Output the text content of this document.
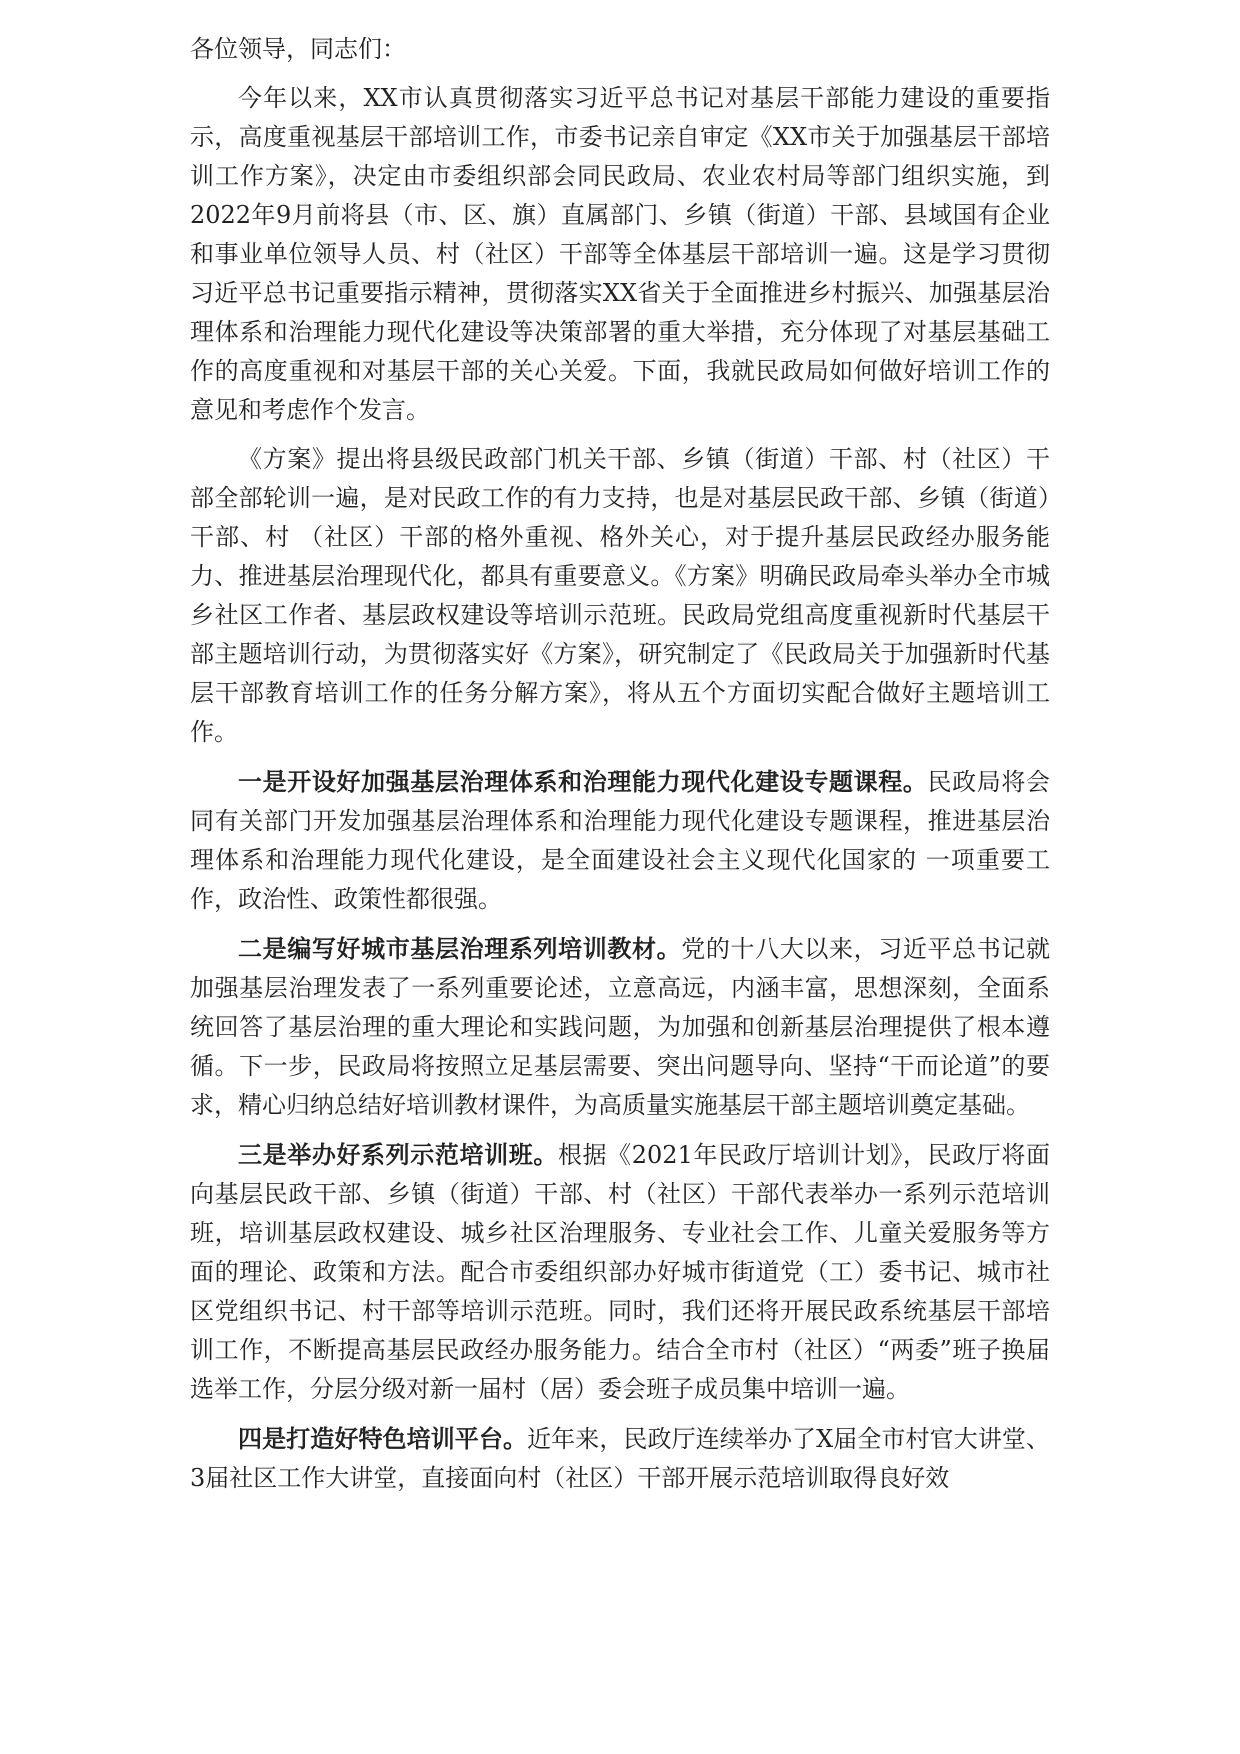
各位领导，同志们：

今年以来，XX市认真贯彻落实习近平总书记对基层干部能力建设的重要指示，高度重视基层干部培训工作，市委书记亲自审定《XX市关于加强基层干部培训工作方案》，决定由市委组织部会同民政局、农业农村局等部门组织实施，到2022年9月前将县（市、区、旗）直属部门、乡镇（街道）干部、县域国有企业和事业单位领导人员、村（社区）干部等全体基层干部培训一遍。这是学习贯彻习近平总书记重要指示精神，贯彻落实XX省关于全面推进乡村振兴、加强基层治理体系和治理能力现代化建设等决策部署的重大举措，充分体现了对基层基础工作的高度重视和对基层干部的关心关爱。下面，我就民政局如何做好培训工作的意见和考虑作个发言。

《方案》提出将县级民政部门机关干部、乡镇（街道）干部、村（社区）干部全部轮训一遍，是对民政工作的有力支持，也是对基层民政干部、乡镇（街道）干部、村 （社区）干部的格外重视、格外关心，对于提升基层民政经办服务能力、推进基层治理现代化，都具有重要意义。《方案》明确民政局牵头举办全市城乡社区工作者、基层政权建设等培训示范班。民政局党组高度重视新时代基层干部主题培训行动，为贯彻落实好《方案》，研究制定了《民政局关于加强新时代基层干部教育培训工作的任务分解方案》，将从五个方面切实配合做好主题培训工作。

一是开设好加强基层治理体系和治理能力现代化建设专题课程。民政局将会同有关部门开发加强基层治理体系和治理能力现代化建设专题课程，推进基层治理体系和治理能力现代化建设，是全面建设社会主义现代化国家的 一项重要工作，政治性、政策性都很强。

二是编写好城市基层治理系列培训教材。党的十八大以来，习近平总书记就加强基层治理发表了一系列重要论述，立意高远，内涵丰富，思想深刻，全面系统回答了基层治理的重大理论和实践问题，为加强和创新基层治理提供了根本遵循。下一步，民政局将按照立足基层需要、突出问题导向、坚持“干而论道”的要求，精心归纳总结好培训教材课件，为高质量实施基层干部主题培训奠定基础。

三是举办好系列示范培训班。根据《2021年民政厅培训计划》，民政厅将面向基层民政干部、乡镇（街道）干部、村（社区）干部代表举办一系列示范培训班，培训基层政权建设、城乡社区治理服务、专业社会工作、儿童关爱服务等方面的理论、政策和方法。配合市委组织部办好城市街道党（工）委书记、城市社区党组织书记、村干部等培训示范班。同时，我们还将开展民政系统基层干部培训工作，不断提高基层民政经办服务能力。结合全市村（社区）“两委”班子换届选举工作，分层分级对新一届村（居）委会班子成员集中培训一遍。

四是打造好特色培训平台。近年来，民政厅连续举办了X届全市村官大讲堂、3届社区工作大讲堂，直接面向村（社区）干部开展示范培训取得良好效
